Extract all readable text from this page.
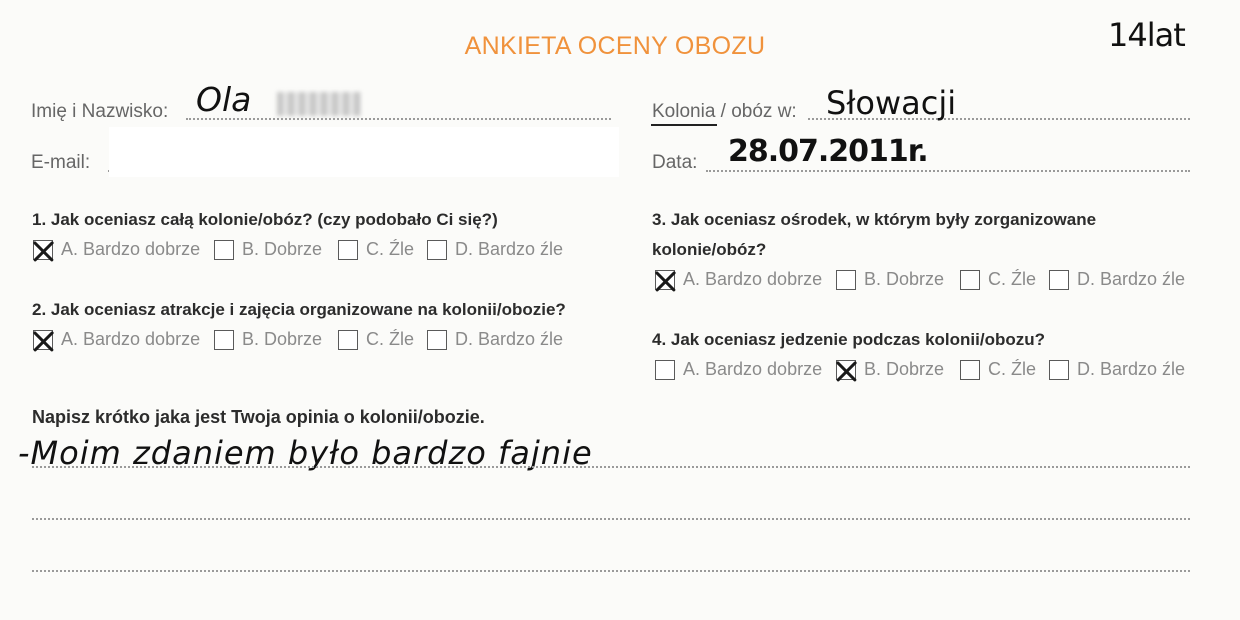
ANKIETA OCENY OBOZU	14lat
Imię i Nazwisko: Ola
E-mail:
Kolonia / obóz w: Słowacji
Data: 28.07.2011r.
1. Jak oceniasz całą kolonie/obóz? (czy podobało Ci się?)
A. Bardzo dobrze B. Dobrze C. Źle D. Bardzo źle
2. Jak oceniasz atrakcje i zajęcia organizowane na kolonii/obozie?
A. Bardzo dobrze B. Dobrze C. Źle D. Bardzo źle
3. Jak oceniasz ośrodek, w którym były zorganizowane
kolonie/obóz?
A. Bardzo dobrze B. Dobrze C. Źle D. Bardzo źle
4. Jak oceniasz jedzenie podczas kolonii/obozu?
A. Bardzo dobrze B. Dobrze C. Źle D. Bardzo źle
Napisz krótko jaka jest Twoja opinia o kolonii/obozie.
-Moim zdaniem było bardzo fajnie
